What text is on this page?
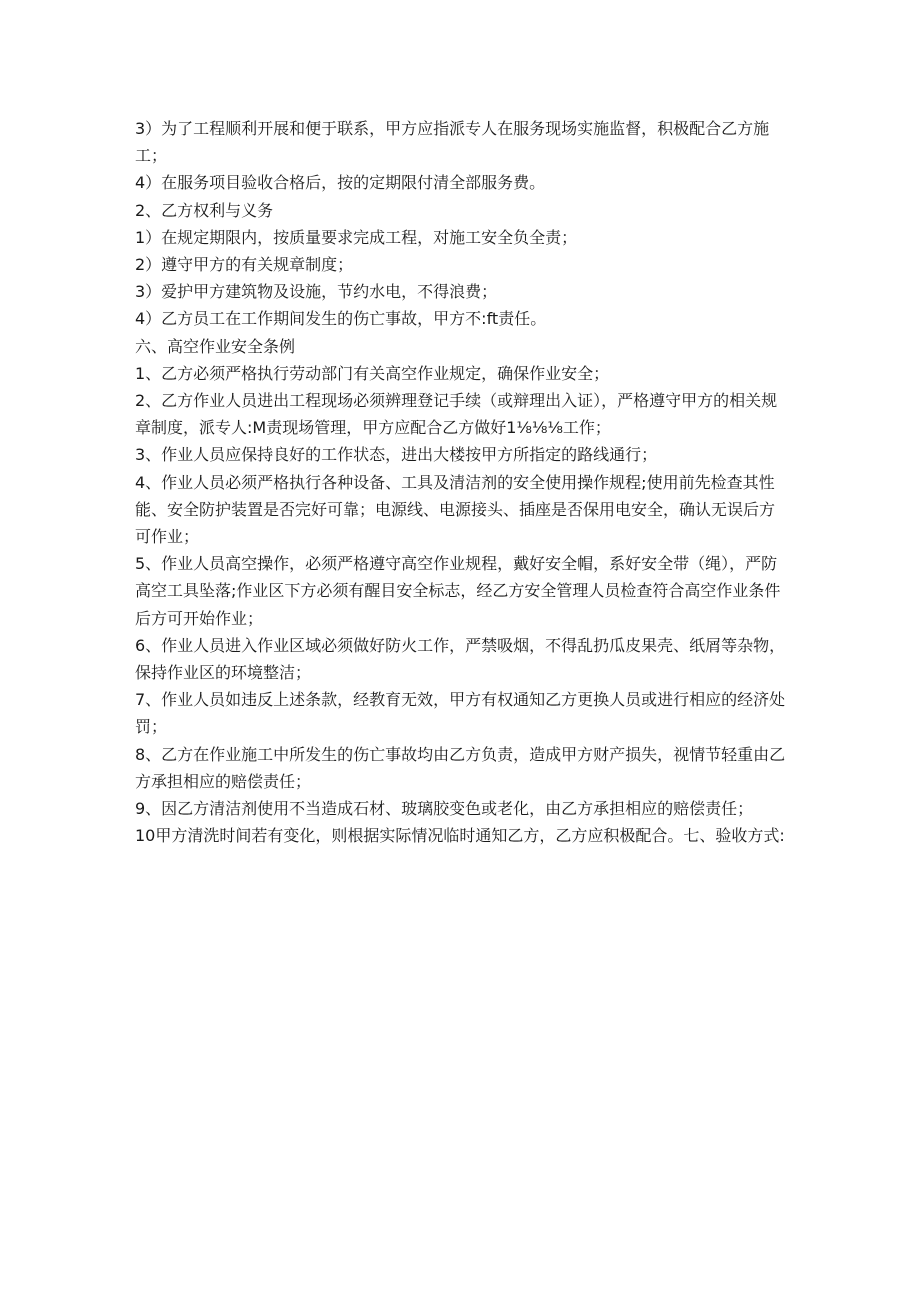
3）为了工程顺利开展和便于联系，甲方应指派专人在服务现场实施监督，积极配合乙方施工；

4）在服务项目验收合格后，按的定期限付清全部服务费。

2、乙方权利与义务

1）在规定期限内，按质量要求完成工程，对施工安全负全责；

2）遵守甲方的有关规章制度；

3）爱护甲方建筑物及设施，节约水电，不得浪费；

4）乙方员工在工作期间发生的伤亡事故，甲方不:ft责任。

六、高空作业安全条例

1、乙方必须严格执行劳动部门有关高空作业规定，确保作业安全；

2、乙方作业人员进出工程现场必须辨理登记手续（或辩理出入证），严格遵守甲方的相关规章制度，派专人:M责现场管理，甲方应配合乙方做好1⅛⅛⅛工作；

3、作业人员应保持良好的工作状态，进出大楼按甲方所指定的路线通行；

4、作业人员必须严格执行各种设备、工具及清洁剂的安全使用操作规程;使用前先检查其性能、安全防护装置是否完好可靠；电源线、电源接头、插座是否保用电安全，确认无误后方可作业；

5、作业人员高空操作，必须严格遵守高空作业规程，戴好安全帽，系好安全带（绳），严防高空工具坠落;作业区下方必须有醒目安全标志，经乙方安全管理人员检查符合高空作业条件后方可开始作业；

6、作业人员进入作业区域必须做好防火工作，严禁吸烟，不得乱扔瓜皮果壳、纸屑等杂物，保持作业区的环境整洁；

7、作业人员如违反上述条款，经教育无效，甲方有权通知乙方更换人员或进行相应的经济处罚；

8、乙方在作业施工中所发生的伤亡事故均由乙方负责，造成甲方财产损失，视情节轻重由乙方承担相应的赔偿责任；

9、因乙方清洁剂使用不当造成石材、玻璃胶变色或老化，由乙方承担相应的赔偿责任；

10甲方清洗时间若有变化，则根据实际情况临时通知乙方，乙方应积极配合。七、验收方式:
